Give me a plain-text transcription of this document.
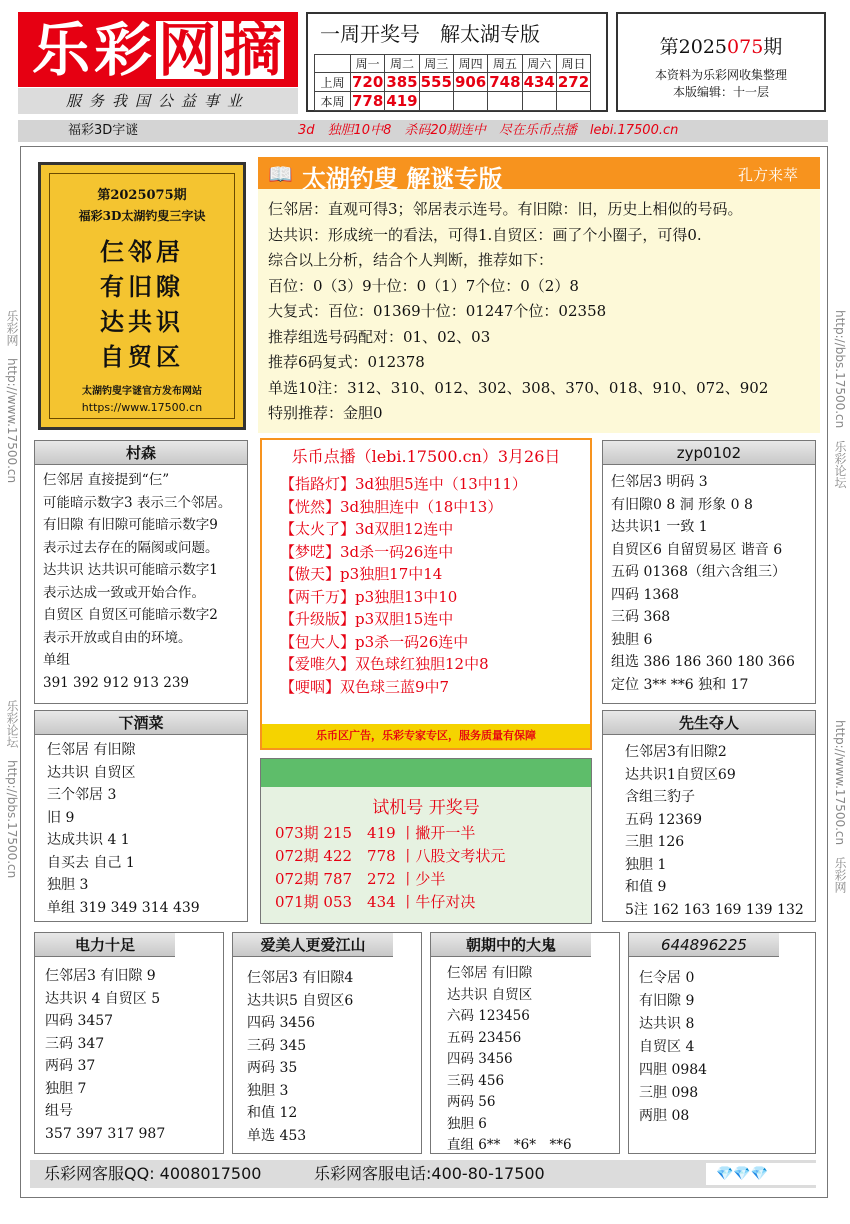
乐 彩 网 摘
服务我国公益事业
一周开奖号　解太湖专版
	周一	周二	周三	周四	周五	周六	周日
上周	720	385	555	906	748	434	272
本周	778	419					
第2025075期
本资料为乐彩网收集整理
本版编辑：十一层
福彩3D字谜	3d　独胆10中8　杀码20期连中　尽在乐币点播　lebi.17500.cn
乐彩网　http://www.17500.cn
乐彩论坛　http://bbs.17500.cn
http://bbs.17500.cn　乐彩论坛
http://www.17500.cn　乐彩网
第2025075期
福彩3D太湖钓叟三字诀
仨邻居
有旧隙
达共识
自贸区
太湖钓叟字谜官方发布网站
https://www.17500.cn
📖 太湖钓叟 解谜专版	孔方来萃
仨邻居：直观可得3；邻居表示连号。有旧隙：旧，历史上相似的号码。
达共识：形成统一的看法，可得1.自贸区：画了个小圈子，可得0.
综合以上分析，结合个人判断，推荐如下：
百位：0（3）9十位：0（1）7个位：0（2）8
大复式：百位：01369十位：01247个位：02358
推荐组选号码配对：01、02、03
推荐6码复式：012378
单选10注：312、310、012、302、308、370、018、910、072、902
特别推荐：金胆0
村森
仨邻居 直接提到“仨”
可能暗示数字3 表示三个邻居。
有旧隙 有旧隙可能暗示数字9
表示过去存在的隔阂或问题。
达共识 达共识可能暗示数字1
表示达成一致或开始合作。
自贸区 自贸区可能暗示数字2
表示开放或自由的环境。
单组
391 392 912 913 239
下酒菜
仨邻居 有旧隙
达共识 自贸区
三个邻居 3
旧 9
达成共识 4 1
自买去 自己 1
独胆 3
单组 319 349 314 439
乐币点播（lebi.17500.cn）3月26日
【指路灯】3d独胆5连中（13中11）
【恍然】3d独胆连中（18中13）
【太火了】3d双胆12连中
【梦呓】3d杀一码26连中
【傲天】p3独胆17中14
【两千万】p3独胆13中10
【升级版】p3双胆15连中
【包大人】p3杀一码26连中
【爱唯久】双色球红独胆12中8
【哽咽】双色球三蓝9中7
乐币区广告，乐彩专家专区，服务质量有保障
试机号 开奖号
073期 215　419 丨撇开一半
072期 422　778 丨八股文考状元
072期 787　272 丨少半
071期 053　434 丨牛仔对决
zyp0102
仨邻居3 明码 3
有旧隙0 8 洞 形象 0 8
达共识1 一致 1
自贸区6 自留贸易区 谐音 6
五码 01368（组六含组三）
四码 1368
三码 368
独胆 6
组选 386 186 360 180 366
定位 3** **6 独和 17
先生夺人
仨邻居3有旧隙2
达共识1自贸区69
含组三豹子
五码 12369
三胆 126
独胆 1
和值 9
5注 162 163 169 139 132
电力十足
仨邻居3 有旧隙 9
达共识 4 自贸区 5
四码 3457
三码 347
两码 37
独胆 7
组号
357 397 317 987
爱美人更爱江山
仨邻居3 有旧隙4
达共识5 自贸区6
四码 3456
三码 345
两码 35
独胆 3
和值 12
单选 453
朝期中的大鬼
仨邻居 有旧隙
达共识 自贸区
六码 123456
五码 23456
四码 3456
三码 456
两码 56
独胆 6
直组 6**　*6*　**6
644896225
仨令居 0
有旧隙 9
达共识 8
自贸区 4
四胆 0984
三胆 098
两胆 08
乐彩网客服QQ: 4008017500	乐彩网客服电话:400-80-17500	💎💎💎
